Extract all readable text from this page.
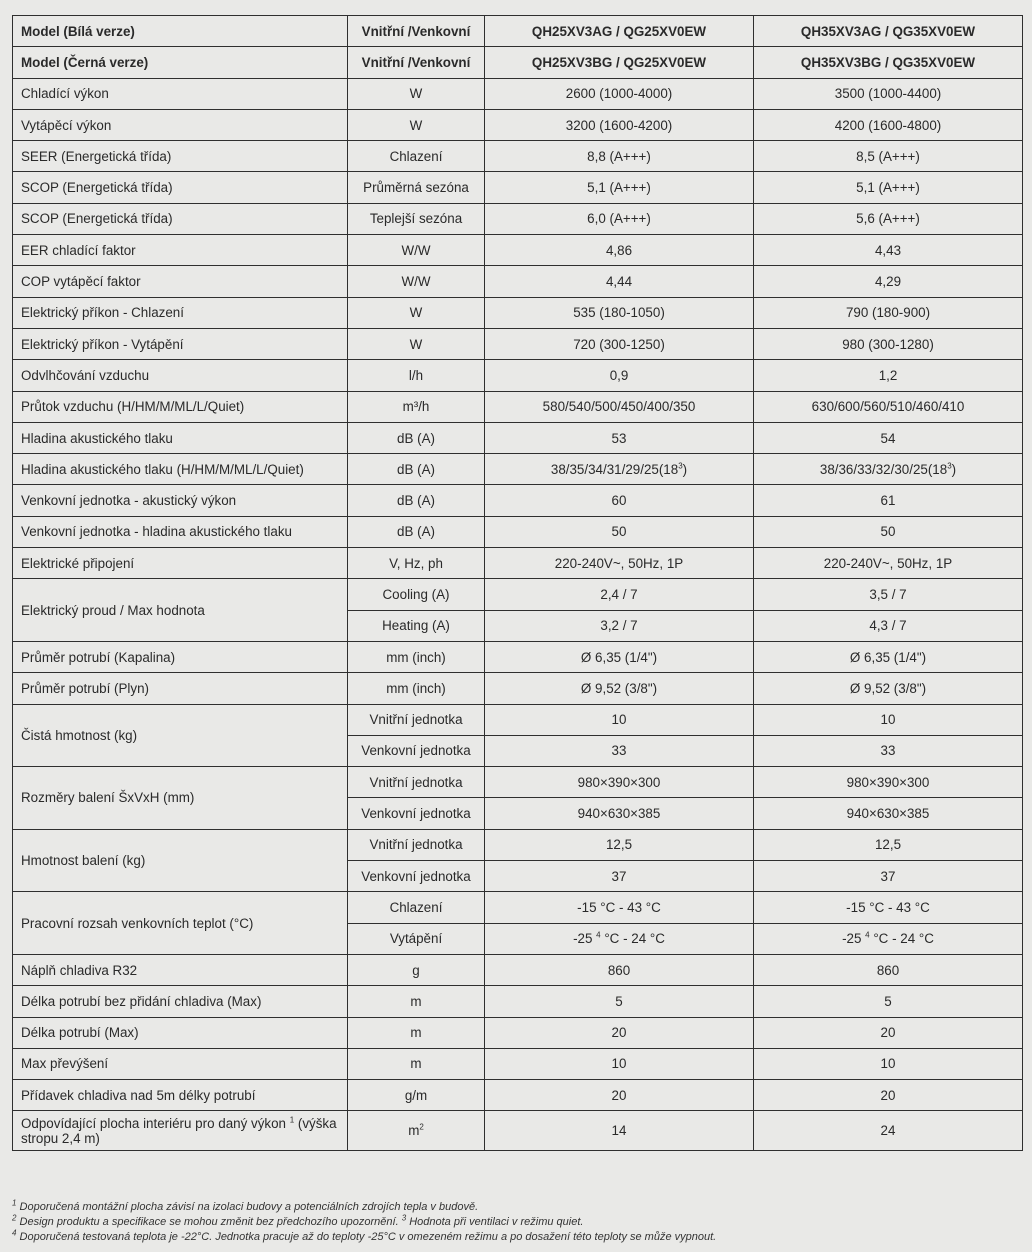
Model (Bílá verze)	Vnitřní /Venkovní	QH25XV3AG / QG25XV0EW	QH35XV3AG / QG35XV0EW
Model (Černá verze)	Vnitřní /Venkovní	QH25XV3BG / QG25XV0EW	QH35XV3BG / QG35XV0EW
Chladící výkon	W	2600 (1000-4000)	3500 (1000-4400)
Vytápěcí výkon	W	3200 (1600-4200)	4200 (1600-4800)
SEER (Energetická třída)	Chlazení	8,8 (A+++)	8,5 (A+++)
SCOP (Energetická třída)	Průměrná sezóna	5,1 (A+++)	5,1 (A+++)
SCOP (Energetická třída)	Teplejší sezóna	6,0 (A+++)	5,6 (A+++)
EER chladící faktor	W/W	4,86	4,43
COP vytápěcí faktor	W/W	4,44	4,29
Elektrický příkon - Chlazení	W	535 (180-1050)	790 (180-900)
Elektrický příkon - Vytápění	W	720 (300-1250)	980 (300-1280)
Odvlhčování vzduchu	l/h	0,9	1,2
Průtok vzduchu (H/HM/M/ML/L/Quiet)	m³/h	580/540/500/450/400/350	630/600/560/510/460/410
Hladina akustického tlaku	dB (A)	53	54
Hladina akustického tlaku (H/HM/M/ML/L/Quiet)	dB (A)	$38/35/34/31/29/25(18^3)$	$38/36/33/32/30/25(18^3)$
Venkovní jednotka - akustický výkon	dB (A)	60	61
Venkovní jednotka - hladina akustického tlaku	dB (A)	50	50
Elektrické připojení	V, Hz, ph	220-240V~, 50Hz, 1P	220-240V~, 50Hz, 1P
Elektrický proud / Max hodnota	Cooling (A)	2,4 / 7	3,5 / 7
	Heating (A)	3,2 / 7	4,3 / 7
Průměr potrubí (Kapalina)	mm (inch)	Ø 6,35 (1/4")	Ø 6,35 (1/4")
Průměr potrubí (Plyn)	mm (inch)	Ø 9,52 (3/8")	Ø 9,52 (3/8")
Čistá hmotnost (kg)	Vnitřní jednotka	10	10
	Venkovní jednotka	33	33
Rozměry balení ŠxVxH (mm)	Vnitřní jednotka	980×390×300	980×390×300
	Venkovní jednotka	940×630×385	940×630×385
Hmotnost balení (kg)	Vnitřní jednotka	12,5	12,5
	Venkovní jednotka	37	37
Pracovní rozsah venkovních teplot (°C)	Chlazení	-15 °C - 43 °C	-15 °C - 43 °C
	Vytápění	-25 $^4$ °C - 24 °C	-25 $^4$ °C - 24 °C
Náplň chladiva R32	g	860	860
Délka potrubí bez přidání chladiva (Max)	m	5	5
Délka potrubí (Max)	m	20	20
Max převýšení	m	10	10
Přídavek chladiva nad 5m délky potrubí	g/m	20	20
Odpovídající plocha interiéru pro daný výkon $^1$ (výška stropu 2,4 m)	$m^2$	14	24
$^1$ Doporučená montážní plocha závisí na izolaci budovy a potenciálních zdrojích tepla v budově.
$^2$ Design produktu a specifikace se mohou změnit bez předchozího upozornění. $^3$ Hodnota při ventilaci v režimu quiet.
$^4$ Doporučená testovaná teplota je -22°C. Jednotka pracuje až do teploty -25°C v omezeném režimu a po dosažení této teploty se může vypnout.
